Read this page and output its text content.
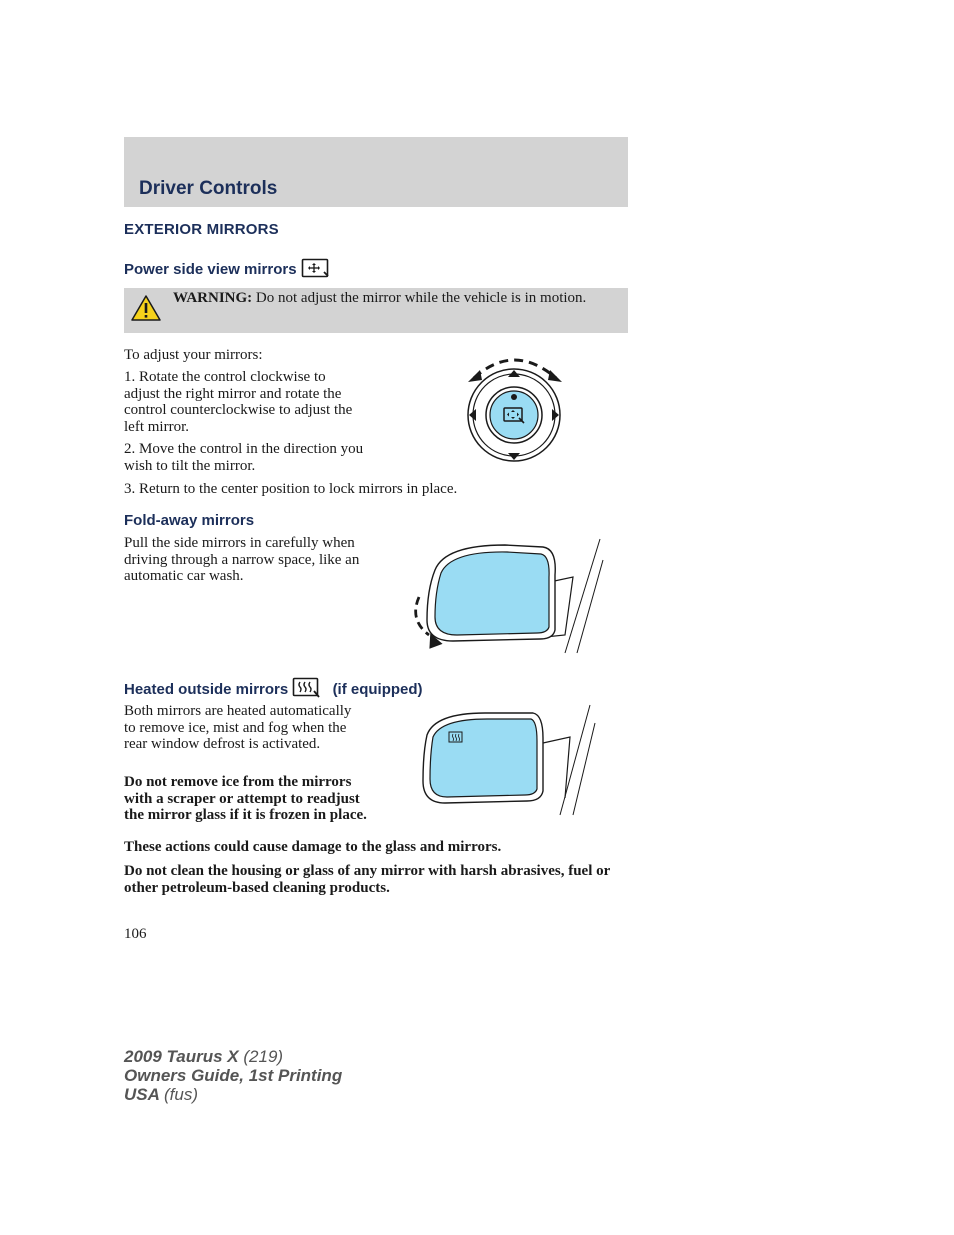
Driver Controls
EXTERIOR MIRRORS
Power side view mirrors
WARNING: Do not adjust the mirror while the vehicle is in motion.
To adjust your mirrors:
1. Rotate the control clockwise to adjust the right mirror and rotate the control counterclockwise to adjust the left mirror.
2. Move the control in the direction you wish to tilt the mirror.
3. Return to the center position to lock mirrors in place.
Fold-away mirrors
Pull the side mirrors in carefully when driving through a narrow space, like an automatic car wash.
Heated outside mirrors	(if equipped)
Both mirrors are heated automatically to remove ice, mist and fog when the rear window defrost is activated.
Do not remove ice from the mirrors with a scraper or attempt to readjust the mirror glass if it is frozen in place.
These actions could cause damage to the glass and mirrors.
Do not clean the housing or glass of any mirror with harsh abrasives, fuel or other petroleum-based cleaning products.
106
2009 Taurus X (219)
Owners Guide, 1st Printing
USA (fus)
